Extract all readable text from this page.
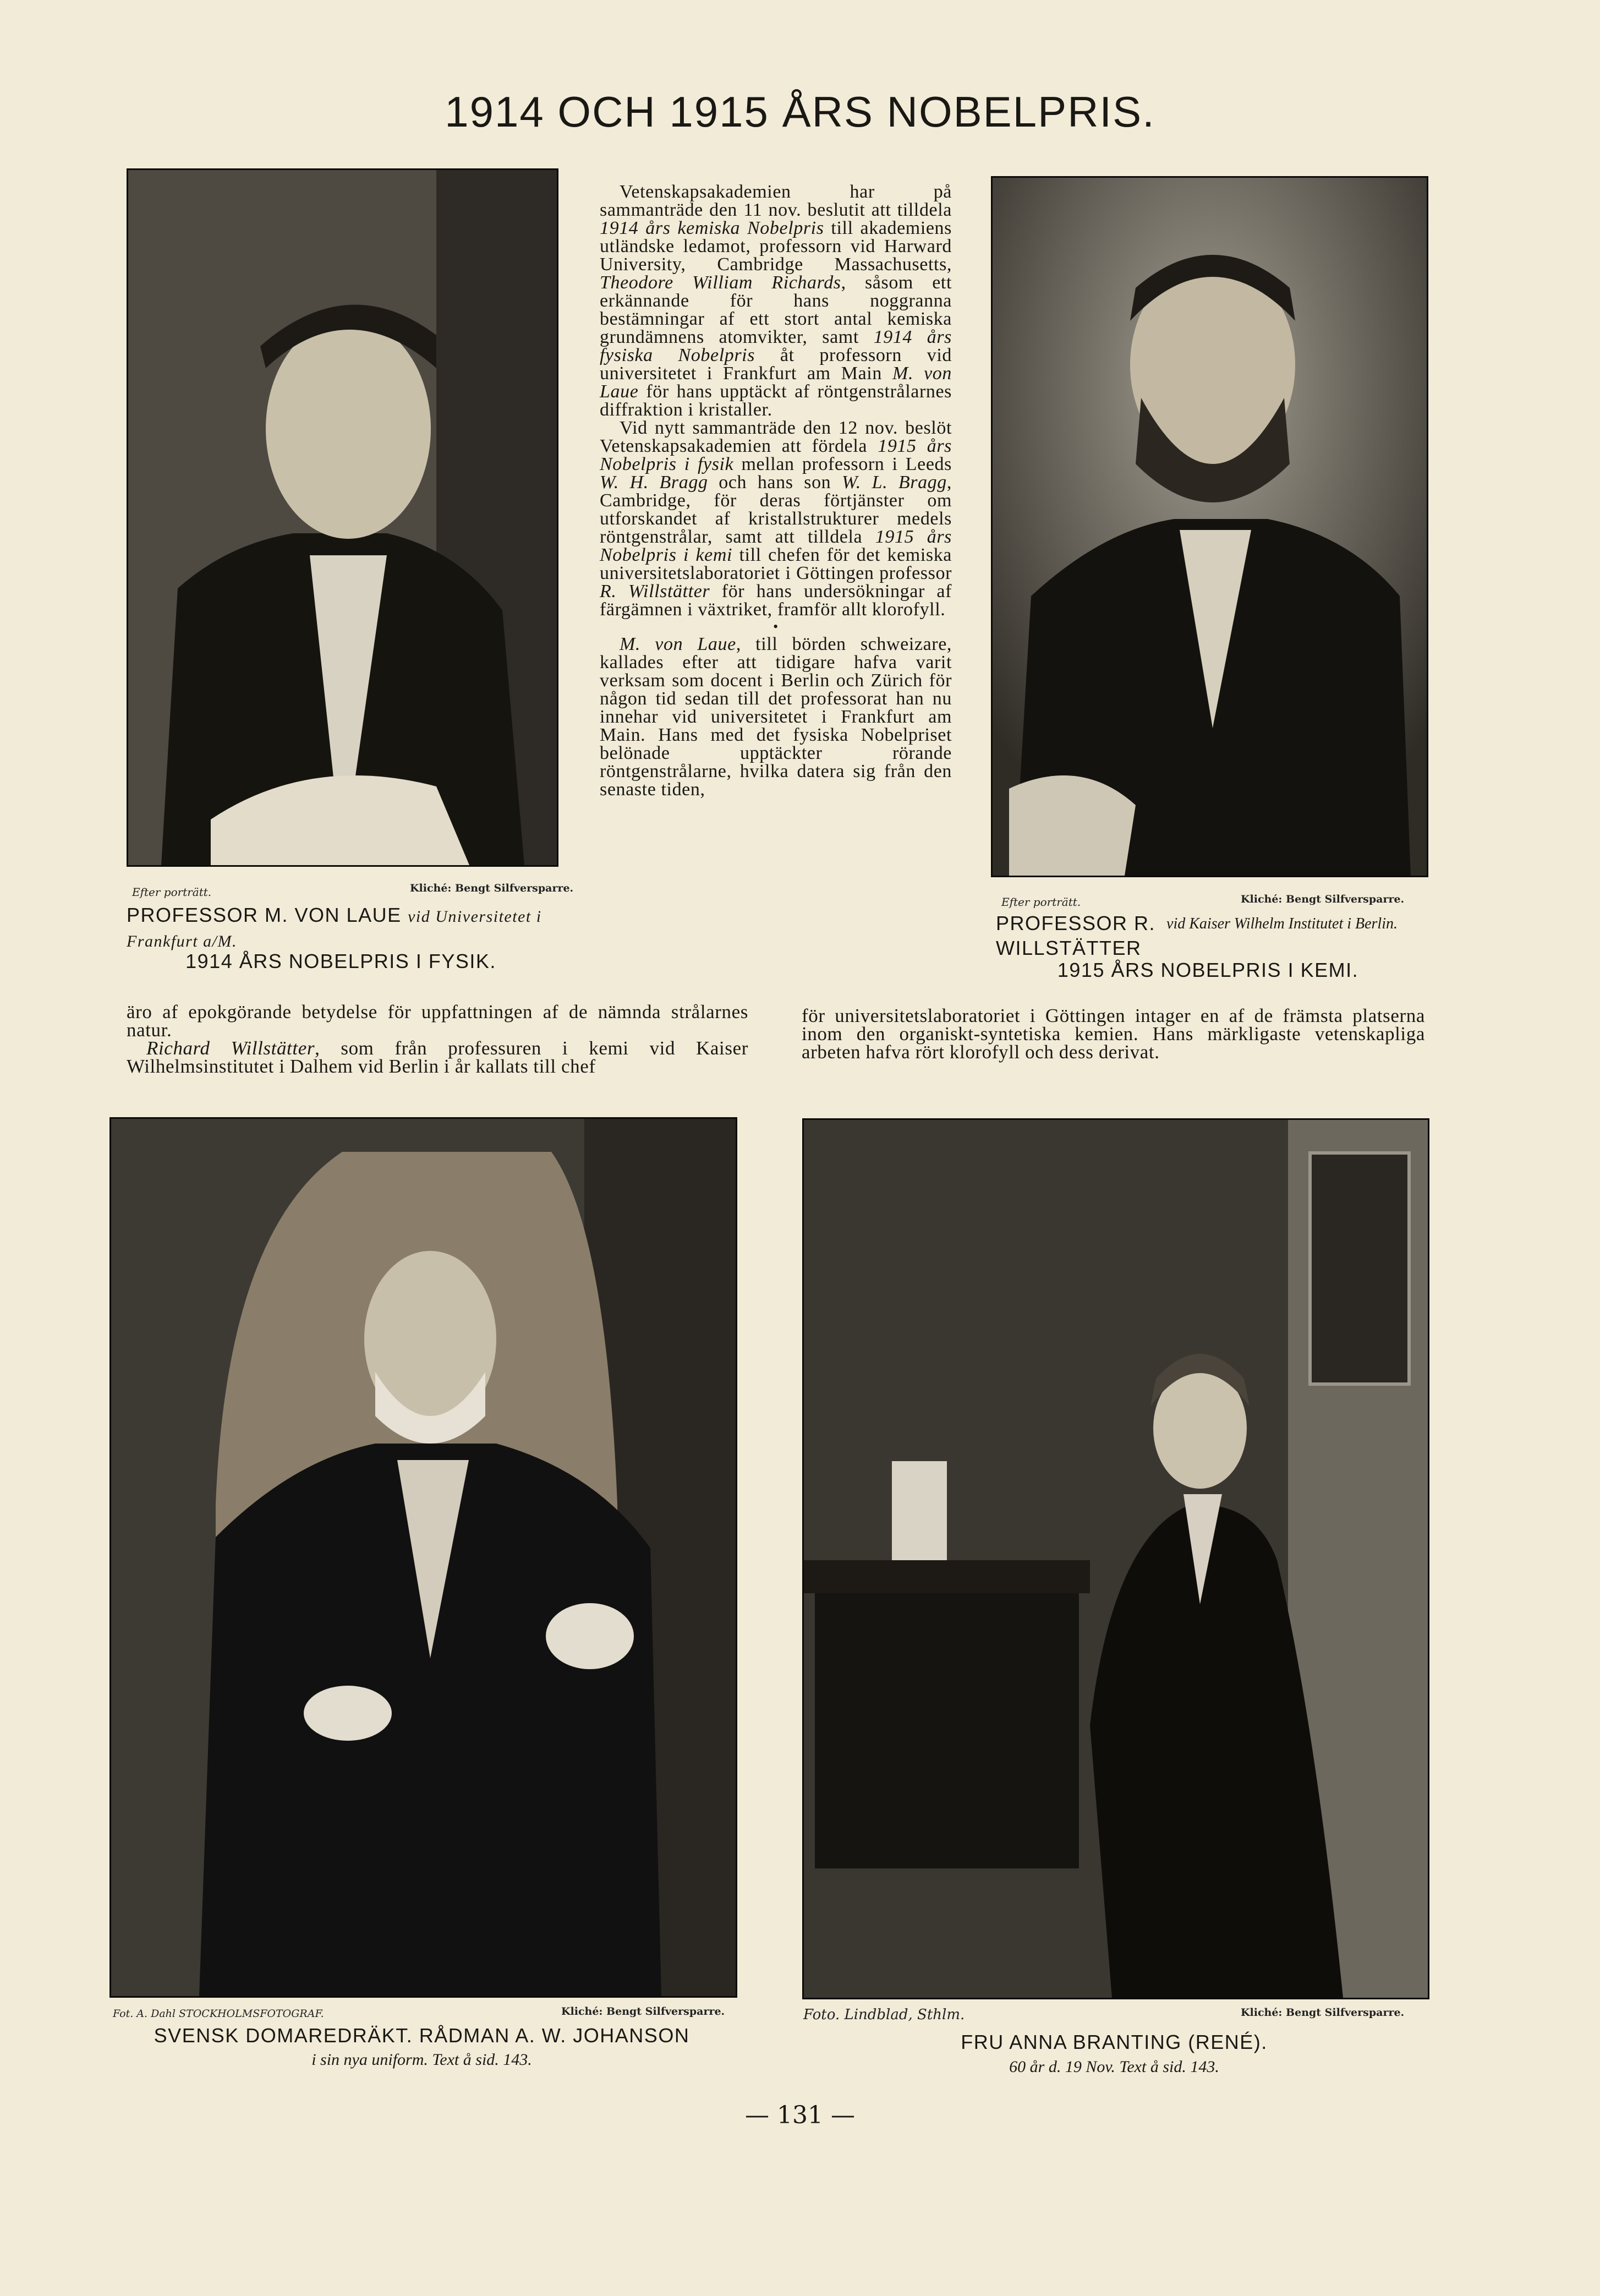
1914 OCH 1915 ÅRS NOBELPRIS.
Efter porträtt.	Kliché: Bengt Silfversparre.
PROFESSOR M. VON LAUE vid Universitetet i Frankfurt a/M.
1914 ÅRS NOBELPRIS I FYSIK.

Vetenskapsakademien har på sammanträde den 11 nov. beslutit att tilldela 1914 års kemiska Nobelpris till akademiens utländske ledamot, professorn vid Harward University, Cambridge Massachusetts, Theodore William Richards, såsom ett erkännande för hans noggranna bestämningar af ett stort antal kemiska grundämnens atomvikter, samt 1914 års fysiska Nobelpris åt professorn vid universitetet i Frankfurt am Main M. von Laue för hans upptäckt af röntgenstrålarnes diffraktion i kristaller.

Vid nytt sammanträde den 12 nov. beslöt Vetenskapsakademien att fördela 1915 års Nobelpris i fysik mellan professorn i Leeds W. H. Bragg och hans son W. L. Bragg, Cambridge, för deras förtjänster om utforskandet af kristallstrukturer medels röntgenstrålar, samt att tilldela 1915 års Nobelpris i kemi till chefen för det kemiska universitetslaboratoriet i Göttingen professor R. Willstätter för hans undersökningar af färgämnen i växtriket, framför allt klorofyll.

•

M. von Laue, till börden schweizare, kallades efter att tidigare hafva varit verksam som docent i Berlin och Zürich för någon tid sedan till det professorat han nu innehar vid universitetet i Frankfurt am Main. Hans med det fysiska Nobelpriset belönade upptäckter rörande röntgenstrålarne, hvilka datera sig från den senaste tiden,

Efter porträtt.	Kliché: Bengt Silfversparre.
PROFESSOR R. WILLSTÄTTER
vid Kaiser Wilhelm Institutet i Berlin.
1915 ÅRS NOBELPRIS I KEMI.

äro af epokgörande betydelse för uppfattningen af de nämnda strålarnes natur.

Richard Willstätter, som från professuren i kemi vid Kaiser Wilhelmsinstitutet i Dalhem vid Berlin i år kallats till chef

för universitetslaboratoriet i Göttingen intager en af de främsta platserna inom den organiskt-syntetiska kemien. Hans märkligaste vetenskapliga arbeten hafva rört klorofyll och dess derivat.
Fot. A. Dahl STOCKHOLMSFOTOGRAF.	Kliché: Bengt Silfversparre.
SVENSK DOMAREDRÄKT. RÅDMAN A. W. JOHANSON
i sin nya uniform. Text å sid. 143.
Foto. Lindblad, Sthlm.	Kliché: Bengt Silfversparre.
FRU ANNA BRANTING (RENÉ).
60 år d. 19 Nov. Text å sid. 143.
— 131 —
